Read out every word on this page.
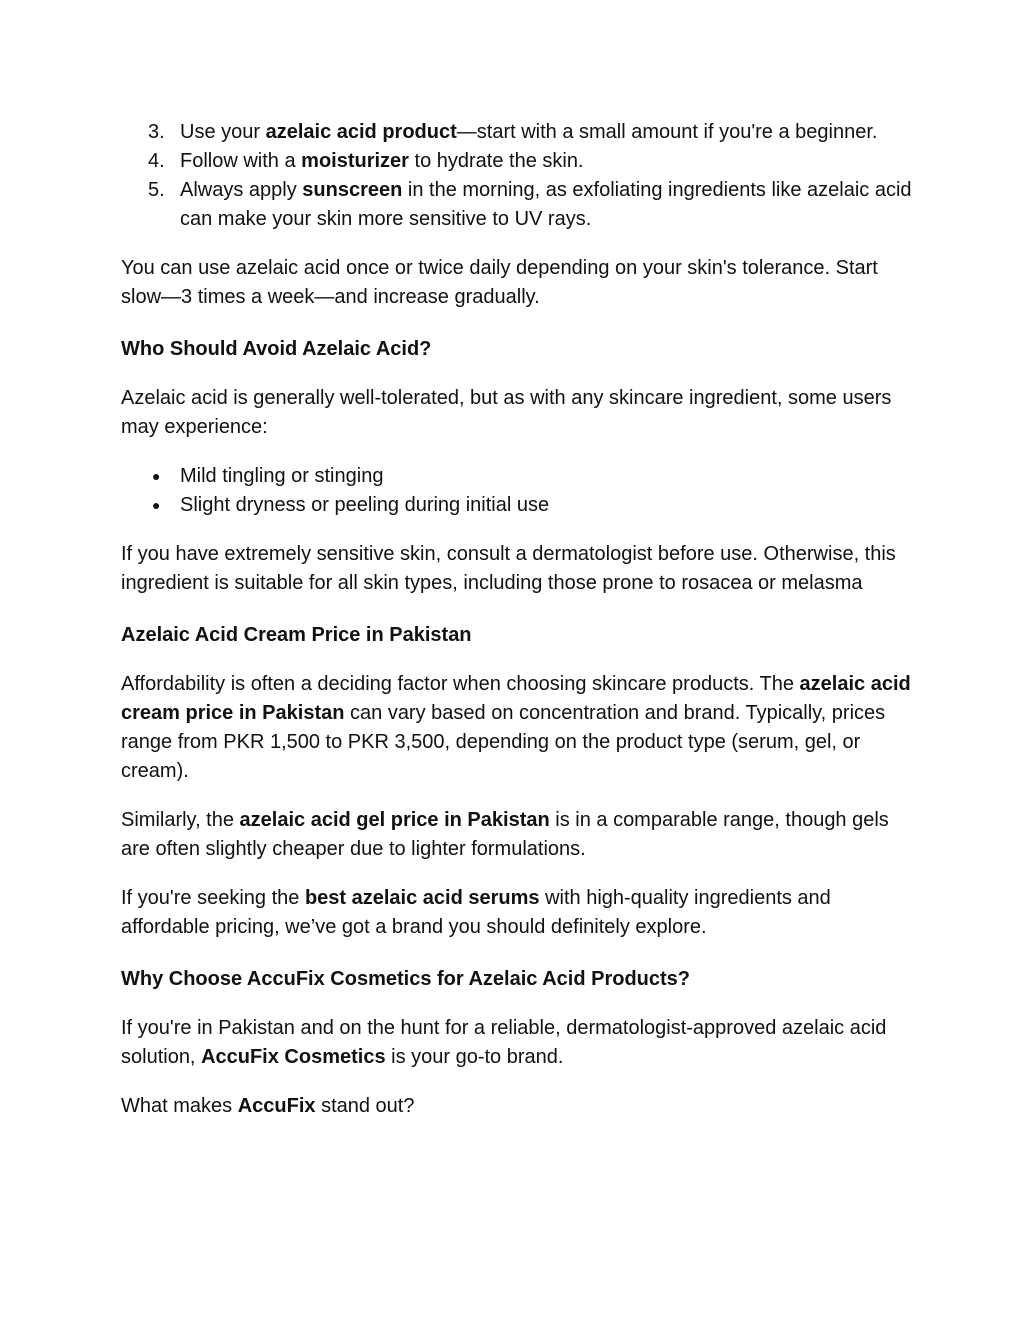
3. Use your azelaic acid product—start with a small amount if you're a beginner.
4. Follow with a moisturizer to hydrate the skin.
5. Always apply sunscreen in the morning, as exfoliating ingredients like azelaic acid can make your skin more sensitive to UV rays.

You can use azelaic acid once or twice daily depending on your skin's tolerance. Start slow—3 times a week—and increase gradually.

Who Should Avoid Azelaic Acid?

Azelaic acid is generally well-tolerated, but as with any skincare ingredient, some users may experience:

● Mild tingling or stinging
● Slight dryness or peeling during initial use

If you have extremely sensitive skin, consult a dermatologist before use. Otherwise, this ingredient is suitable for all skin types, including those prone to rosacea or melasma

Azelaic Acid Cream Price in Pakistan

Affordability is often a deciding factor when choosing skincare products. The azelaic acid cream price in Pakistan can vary based on concentration and brand. Typically, prices range from PKR 1,500 to PKR 3,500, depending on the product type (serum, gel, or cream).

Similarly, the azelaic acid gel price in Pakistan is in a comparable range, though gels are often slightly cheaper due to lighter formulations.

If you're seeking the best azelaic acid serums with high-quality ingredients and affordable pricing, we’ve got a brand you should definitely explore.

Why Choose AccuFix Cosmetics for Azelaic Acid Products?

If you're in Pakistan and on the hunt for a reliable, dermatologist-approved azelaic acid solution, AccuFix Cosmetics is your go-to brand.

What makes AccuFix stand out?
